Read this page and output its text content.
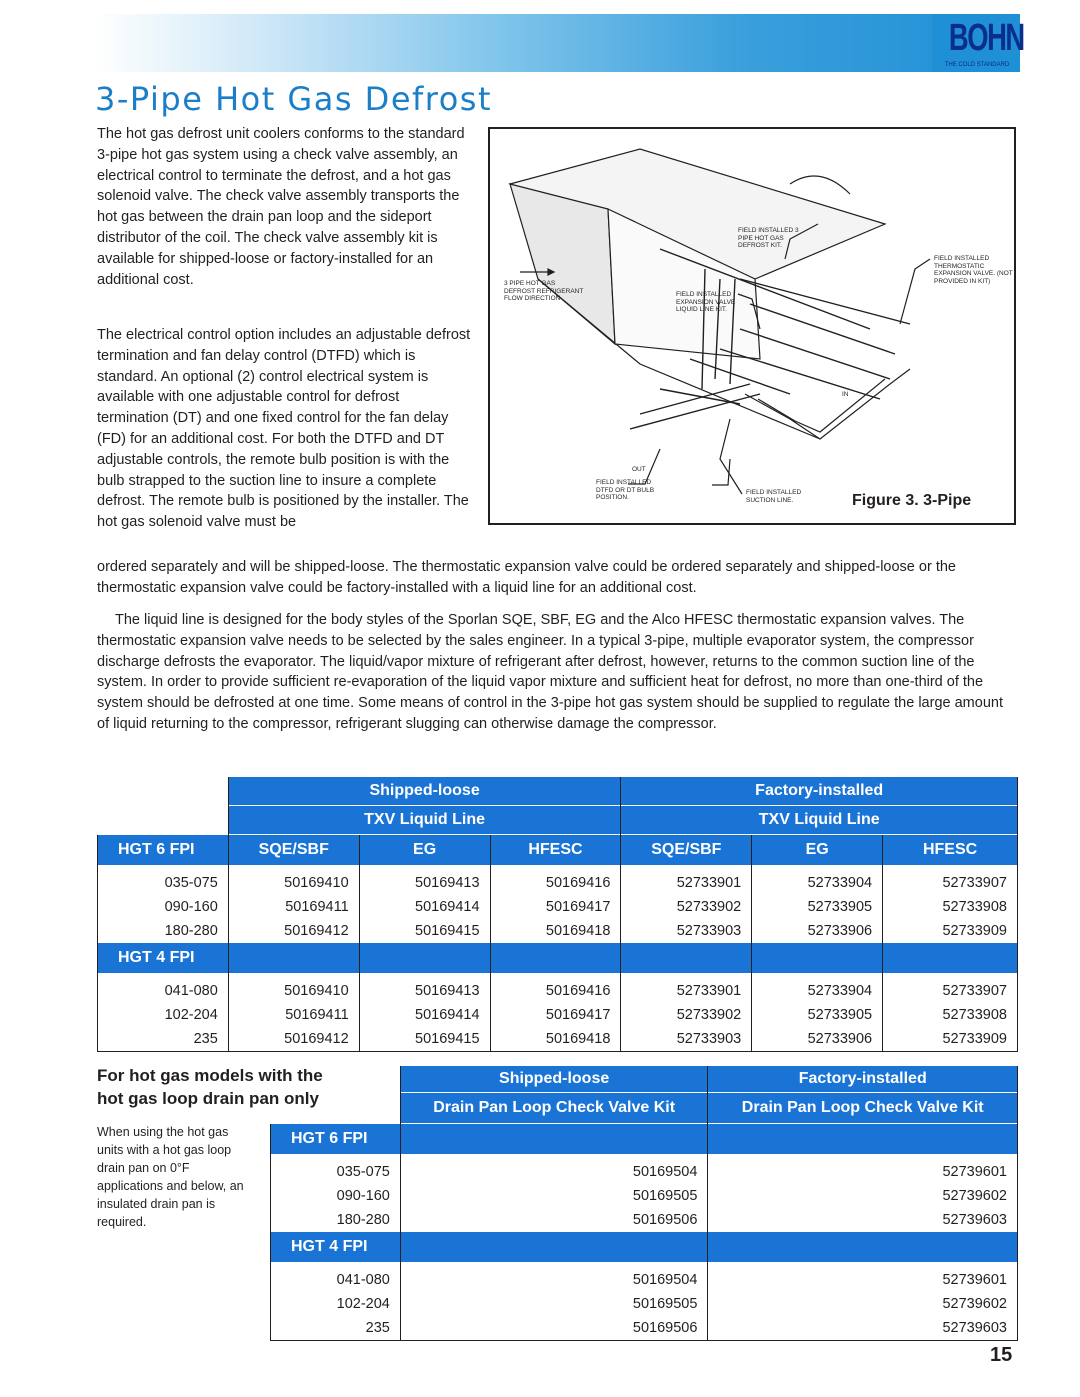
BOHN
THE COLD STANDARD
3-Pipe Hot Gas Defrost

The hot gas defrost unit coolers conforms to the standard 3-pipe hot gas system using a check valve assembly, an electrical control to terminate the defrost, and a hot gas solenoid valve. The check valve assembly transports the hot gas between the drain pan loop and the sideport distributor of the coil. The check valve assembly kit is available for shipped-loose or factory-installed for an additional cost.

The electrical control option includes an adjustable defrost termination and fan delay control (DTFD) which is standard. An optional (2) control electrical system is available with one adjustable control for defrost termination (DT) and one fixed control for the fan delay (FD) for an additional cost. For both the DTFD and DT adjustable controls, the remote bulb position is with the bulb strapped to the suction line to insure a complete defrost. The remote bulb is positioned by the installer. The hot gas solenoid valve must be

ordered separately and will be shipped-loose. The thermostatic expansion valve could be ordered separately and shipped-loose or the thermostatic expansion valve could be factory-installed with a liquid line for an additional cost.

The liquid line is designed for the body styles of the Sporlan SQE, SBF, EG and the Alco HFESC thermostatic expansion valves. The thermostatic expansion valve needs to be selected by the sales engineer. In a typical 3-pipe, multiple evaporator system, the compressor discharge defrosts the evaporator. The liquid/vapor mixture of refrigerant after defrost, however, returns to the common suction line of the system. In order to provide sufficient re-evaporation of the liquid vapor mixture and sufficient heat for defrost, no more than one-third of the system should be defrosted at one time. Some means of control in the 3-pipe hot gas system should be supplied to regulate the large amount of liquid returning to the compressor, refrigerant slugging can otherwise damage the compressor.

FIELD INSTALLED 3 PIPE HOT GAS DEFROST KIT.
FIELD INSTALLED THERMOSTATIC EXPANSION VALVE. (NOT PROVIDED IN KIT)
3 PIPE HOT GAS DEFROST REFRIGERANT FLOW DIRECTION
FIELD INSTALLED EXPANSION VALVE LIQUID LINE KIT.
IN
OUT
FIELD INSTALLED DTFD OR DT BULB POSITION.
FIELD INSTALLED SUCTION LINE.	Figure 3. 3-Pipe
	Shipped-loose			Factory-installed		
	TXV Liquid Line			TXV Liquid Line		
HGT 6 FPI	SQE/SBF	EG	HFESC	SQE/SBF	EG	HFESC
035-075	50169410	50169413	50169416	52733901	52733904	52733907
090-160	50169411	50169414	50169417	52733902	52733905	52733908
180-280	50169412	50169415	50169418	52733903	52733906	52733909
HGT 4 FPI						
041-080	50169410	50169413	50169416	52733901	52733904	52733907
102-204	50169411	50169414	50169417	52733902	52733905	52733908
235	50169412	50169415	50169418	52733903	52733906	52733909
For hot gas models with the
hot gas loop drain pan only
When using the hot gas units with a hot gas loop drain pan on 0°F applications and below, an insulated drain pan is required.
	Shipped-loose	Factory-installed
	Drain Pan Loop Check Valve Kit	Drain Pan Loop Check Valve Kit
HGT 6 FPI		
035-075	50169504	52739601
090-160	50169505	52739602
180-280	50169506	52739603
HGT 4 FPI		
041-080	50169504	52739601
102-204	50169505	52739602
235	50169506	52739603
15
